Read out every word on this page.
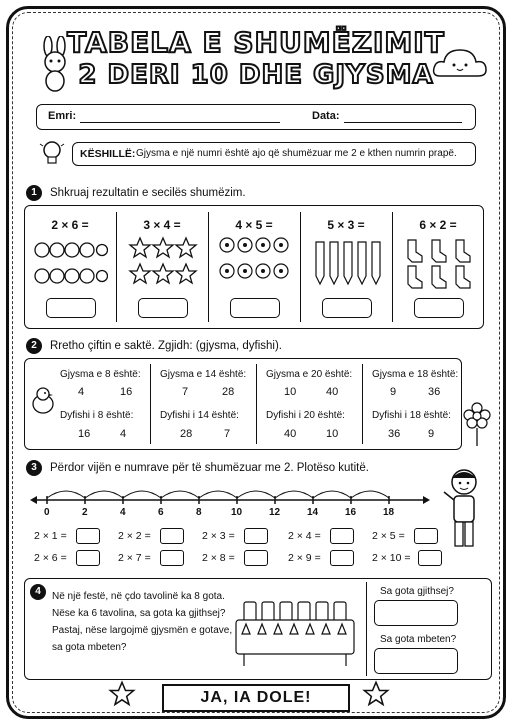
TABELA E SHUMËZIMIT
2 DERI 10 DHE GJYSMA
Emri:	Data:
KËSHILLË: Gjysma e një numri është ajo që shumëzuar me 2 e kthen numrin prapë.
1	Shkruaj rezultatin e secilës shumëzim.
2 × 6 =	3 × 4 =	4 × 5 =	5 × 3 =	6 × 2 =
2	Rretho çiftin e saktë. Zgjidh: (gjysma, dyfishi).
Gjysma e 8 është:
4	16
Dyfishi i 8 është:
16	4
Gjysma e 14 është:
7	28
Dyfishi i 14 është:
28	7
Gjysma e 20 është:
10	40
Dyfishi i 20 është:
40	10
Gjysma e 18 është:
9	36
Dyfishi i 18 është:
36	9
3	Përdor vijën e numrave për të shumëzuar me 2. Plotëso kutitë.
0	2	4	6	8	10	12	14	16	18
2 × 1 =	2 × 2 =	2 × 3 =	2 × 4 =	2 × 5 =
2 × 6 =	2 × 7 =	2 × 8 =	2 × 9 =	2 × 10 =
4	Në një festë, në çdo tavolinë ka 8 gota.
Nëse ka 6 tavolina, sa gota ka gjithsej?
Pastaj, nëse largojmë gjysmën e gotave,
sa gota mbeten?
Sa gota gjithsej?
Sa gota mbeten?
JA, IA DOLE!
